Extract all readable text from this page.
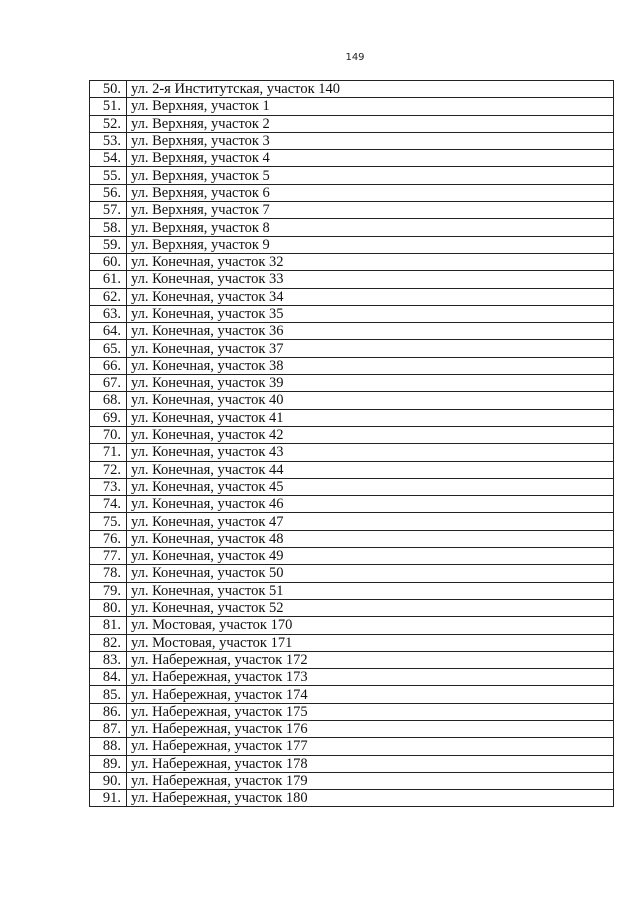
149
50.	ул. 2-я Институтская, участок 140
51.	ул. Верхняя, участок 1
52.	ул. Верхняя, участок 2
53.	ул. Верхняя, участок 3
54.	ул. Верхняя, участок 4
55.	ул. Верхняя, участок 5
56.	ул. Верхняя, участок 6
57.	ул. Верхняя, участок 7
58.	ул. Верхняя, участок 8
59.	ул. Верхняя, участок 9
60.	ул. Конечная, участок 32
61.	ул. Конечная, участок 33
62.	ул. Конечная, участок 34
63.	ул. Конечная, участок 35
64.	ул. Конечная, участок 36
65.	ул. Конечная, участок 37
66.	ул. Конечная, участок 38
67.	ул. Конечная, участок 39
68.	ул. Конечная, участок 40
69.	ул. Конечная, участок 41
70.	ул. Конечная, участок 42
71.	ул. Конечная, участок 43
72.	ул. Конечная, участок 44
73.	ул. Конечная, участок 45
74.	ул. Конечная, участок 46
75.	ул. Конечная, участок 47
76.	ул. Конечная, участок 48
77.	ул. Конечная, участок 49
78.	ул. Конечная, участок 50
79.	ул. Конечная, участок 51
80.	ул. Конечная, участок 52
81.	ул. Мостовая, участок 170
82.	ул. Мостовая, участок 171
83.	ул. Набережная, участок 172
84.	ул. Набережная, участок 173
85.	ул. Набережная, участок 174
86.	ул. Набережная, участок 175
87.	ул. Набережная, участок 176
88.	ул. Набережная, участок 177
89.	ул. Набережная, участок 178
90.	ул. Набережная, участок 179
91.	ул. Набережная, участок 180
